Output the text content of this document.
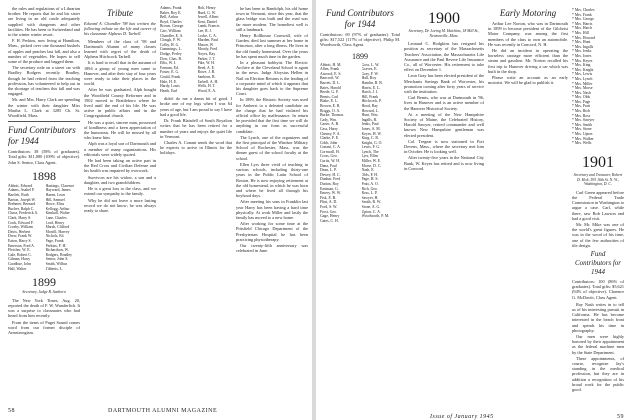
the rules and regulations of a Librarian brother. He reports that he and his sister are living in an old castle adequately supplied with dungeons and other facilities. He has been to Switzerland and to the winter winter resort.

F. H. Perkins, now living at Hamilton, Mass., picked over one thousand bushels of apples and peaches last fall, and also a number of vegetables. He hopes to sell some of the produce and bagged them.

The secretary rode on a street car with Bradley Rodgers recently. Bradley, though he had retired from the teaching profession, has volunteered to help out in the shortage of teachers this fall and was engaged.

Mr. and Mrs. Harry Clark are spending the winter with their daughter Miss Martha L. Clark at 3285 Ch. St. Woodfield, Mass.

Fund Contributors for 1944
Contributors: 38 (58% of graduates). Total gifts: $11,080 (109% of objective). John S. Senior, Class Agent.
1898
Abbott, Edward
Adams, Asahel F.
Bartlett, Ruth
Barton, Joseph W.
Brehmer, Bernard
Bucher, Ralph C.
Chase, Frederick A.
Clark, Harry S.
Cook, Edward F.
Crosby, William
Davis, Herbert
Drew, Frank W.
Eaton, Harry S.
Emerson, Fred A.
Fletcher, W. E.
Gale, Robert C.
Gilman, Harry
Goodhue, John
Hall, Walter
Hastings, Clarence
Hayward, James
Hazen, Leon
Hill, Samuel
Howe, Elias
Kellogg, Arthur
Kimball, Walter
Lane, Charles
Lord, Henry
Marsh, Clifford
Morrill, Harvey
Nichols, Ed.
Page, Frank
Perkins, F. H.
Richardson, W.
Rodgers, Bradley
Senior, John S.
Smith, Wilbur
Tibbetts, L.
1899
Secretary, Judge B. Sanborn

The New York Times, Aug. 20, reported the death of F. W. Wunderlich. It was a surprise to classmates who had heard from him recently.

From the items of Puget Sound comes word from our former disciple of Armstrongism.

Tribute
Edward A. Chandler '98 has written the following tribute on the life and career of his classmate Alpheus D. Tarbell.

Members of the class of '98 and Dartmouth Alumni of many classes learned with regret of the death of Alpheus Hitchcock Tarbell.

It is hard to recall that in the autumn of 1894 a group of young men came to Hanover, and after their stay of four years were ready to take their places in the world.

After he was graduated, Alph bought the Woodfield County Reformer and in 1902 moved to Brattleboro where he lived until the end of his life. He was active in public affairs and in the Congregational church.

He was a quiet, sincere man, possessed of kindliness and a keen appreciation of the humorous. He will be missed by all who knew him.

Alph was a loyal son of Dartmouth and a member of many organizations. His editorials were widely quoted.

He had been taking an active part in the Red Cross and Civilian Defense and his health was impaired by overwork.

Survivors are his widow, a son and a daughter, and two grandchildren.

He is a great loss to the class, and we extend our sympathy to the family.

Why he did not leave a more lasting record we do not know; he was always ready to share.

Adams, Frank
Baker, Roy E.
Bell, Arthur
Boyd, Charles
Brown, George
Carr, William
Chandler, E. A.
Clough, F. W.
Colby, H. G.
Cummings, L.
Dodge, Perley
Dow, Chas. B.
Ellis, W. J.
Farnum, Ed.
Foster, E. G.
Gould, Frank
Hale, H. E.
Hardy, Louis
Heath, Earl
Holt, Henry
Hurd, G. W.
Jewell, Albert
Kent, Daniel
Lamb, Francis
Lee, R. J.
Locke, C. A.
Marden, Paul
Mason, W.
Moody, Fred
Noyes, Ray
Parker, J. T.
Pike, W. H.
Reed, A. E.
Rowe, J. B.
Sanborn, B.
Tarbell, A. H.
Wells, H. T.
Wood, E. A.

didn't do me a damn bit of good. I broke one of my legs when I was 64 years of age, but I am proud to say I have had a good life.

Dr. Frank Blaisdell of South Royalton writes that he has been retired for a number of years and enjoys the quiet life in Vermont.

Charles A. Conant sends the word that he expects to arrive in Illinois for the holidays.

he has been to Randolph, his old home town in Vermont, since this year, that the glass bridge was built and the road was far more modern. The homeliest well is still a landmark.

Henry Rollhouse Cornwall, wife of Garden, died last summer at her home in Princeton, after a long illness. He lives in the old family homestead. Over the years he has spent much time in the garden.

In a pleasant hobbyist The Electric Archive at the Cleveland School is again in the news. Judge Aloysius Hellen in Nail on Election Returns is the leading of a corporate mind of which it appears that his daughter goes back to the Supreme Court.

In 1899, the Historic Society was used for Amherst to a defeated candidate on the charge that he had violated his official office by malfeasance. In return he provided that the first time we will do anything in our form as successful candidate.

The Lynch, one of the organizers and the first principal of the Windsor Military School of Rochester, Mass. was the dinner guest of the school faculty at the school.

Ellen Lyrs three vivid of teaching in various schools, including thirty-one years in the Public Latin School of Boston. He is now enjoying retirement at the old homestead, in which he was born and where he lived all through his boyhood days.

After meeting his sons in Franklin last year Harry has been having a hard time physically. At work Miller and lastly the family has moved to a new home.

After working for some time at the Pittsfield Chicago Department of the Presbyterian Hospital he has been practicing physiotherapy.

Our twenty-fifth anniversary was celebrated in June.

58	DARTMOUTH ALUMNI MAGAZINE
Fund Contributors for 1944
Contributors: 69 (97% of graduates). Total gifts: $17,522 (117% of objective). Philip M. Woodworth, Class Agent.
1899
Abbott, H. M.
Allen, Frank
Atwood, E. S.
Bancroft, W.
Barrett, D. L.
Bates, Harold
Beede, G. F.
Bemis, Carl
Blake, E. L.
Bowen, E. R.
Briggs, O. A.
Burke, Thomas
Cady, Wm.
Carter, A. B.
Cass, Harry
Cheney, F. A.
Clarke, F. E.
Cobb, John
Conant, C. A.
Cornwall, H.
Cross, Geo.
Curtis, W. H.
Dana, Paul
Dean, L. P.
Dewey, H. C.
Dunbar, Fred
Dutton, Roy
Eastman, G.
Emery, W. W.
Fisk, E. B.
Flint, A. D.
Ford, S. W.
Frost, Geo.
Gage, Henry
Gates, C. H.
Goss, L. W.
Graves, E.
Gray, F. W.
Hall, Roy
Hamlin, B. B.
Harris, E. L.
Hatch, J. J.
Hill, Frank
Hitchcock, P.
Hood, Ray
Howard, L.
Hunt, Wm.
Ingalls, R.
Jenks, Paul
Jones, A. M.
Keyes, H. W.
King, C. B.
Knight, G. O.
Lewis, F. G.
Lynch, The
Lyrs, Ellen
Miller, W. E.
Morse, D. C.
Nash, E.
Olds, F. H.
Page, H. S.
Pratt, A. O.
Rich, Geo.
Ross, L. P.
Sawyer, H.
Smith, R. W.
Stone, A. G.
Upton, C. A.
Woodworth, P. M.
1900
Secretary, Dr. Loring M. Hutchins, 18 Mill St., Newtonville, Mass.

Leonard C. Hodgkins has resigned his position as secretary of the Massachusetts Teachers' Association, the Massachusetts Life Assurance and the Paul Revere Life Insurance Co., all of Worcester. His retirement to take effect on December 1.

Leon Gray has been elected president of the Merchants Savings Bank of Worcester, his promotion coming after forty years of service with the institution.

Carl Bemis, who was at Dartmouth in '96, lives in Hanover and is an active member of the Hanover Historical Society.

At a meeting of the New Hampshire Society of Maine, the Celebrated History, Harold Sawyer, retired commander and well known New Hampshire gentleman was elected president.

Col. Tregear is now stationed in Fort Devens, Mass., where the secretary met him in October. He is looking well.

After twenty-five years in the National City Bank, W. Keyes has retired and is now living in Concord.

Early Motoring

Arthur Lee Norton, who was in Dartmouth in 1899 to become president of the Gilchrist Motor Company, was among the first members of the class to own an automobile. He was recently in Concord, N. H.

He did an incident in operating the horseless carriage more efficient than the steam and gasoline. Mr. Norton recalled his first trip to Hanover driving a car which was built in the shop.

Please write an account as an early motorist. We will be glad to publish it.

* Mrs. Charles
* Mrs. Frank
* Mrs. George
* Mrs. Harris
* Mrs. Hatch
* Mrs. Hill
* Mrs. Howard
* Mrs. Hunt
* Mrs. Ingalls
* Mrs. Jenks
* Mrs. Jones
* Mrs. Keyes
* Mrs. King
* Mrs. Knight
* Mrs. Lewis
* Mrs. Lynch
* Mrs. Miller
* Mrs. Morse
* Mrs. Nash
* Mrs. Olds
* Mrs. Page
* Mrs. Pratt
* Mrs. Rich
* Mrs. Ross
* Mrs. Sawyer
* Mrs. Smith
* Mrs. Stone
* Mrs. Upton
* Mrs. Walker
* Mrs. Wells
1901
Secretary and Treasurer, Robert D. Holt, 593 16th St. N. W., Washington, D. C.

Carl Green appeared before the Federal Trade Commission in Washington to argue a case. Carl, while there, saw Bob Lawson and had a good visit.

Mr. Mr. Mike was one of the world's great figures. He was in the wood of his time, one of the few authorities of tile design.

Fund Contributors for 1944
Contributors: 100 (86% of graduates). Total gifts: $5,621 (94% of objective). Clarence G. McDavitt, Class Agent.

Ray Nash writes in to tell us of his interesting pursuit in California. He has become interested in the beach front and spends his time in photography.

Our men were highly honored by their appointment as the federal machine men by the State Department.

These appointments, of course, recognize Jay's standing in the medical profession, but they are in addition a recognition of his broad work for the public good.

Issue of January 1945	59
